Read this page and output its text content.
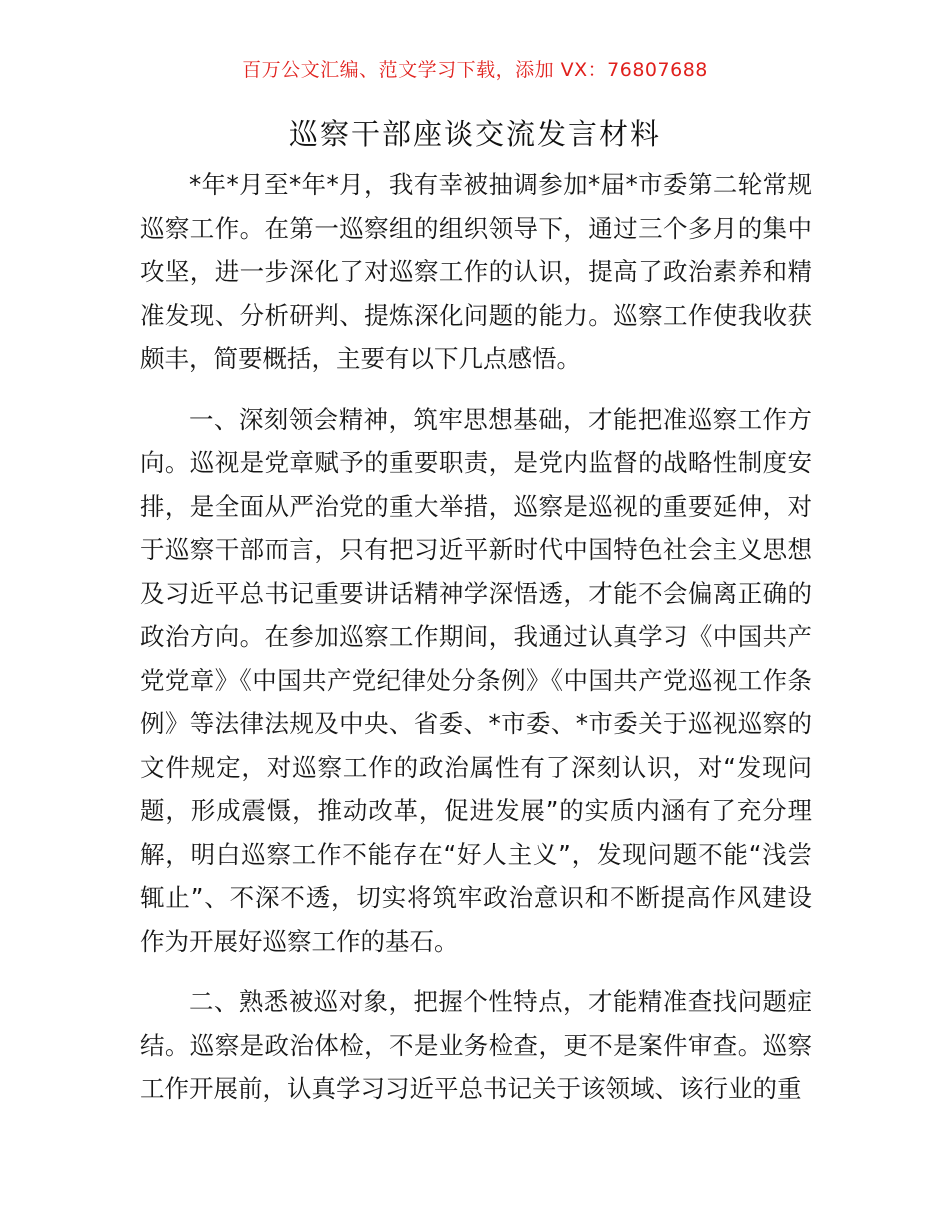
百万公文汇编、范文学习下载，添加 VX：76807688
巡察干部座谈交流发言材料

*年*月至*年*月，我有幸被抽调参加*届*市委第二轮常规巡察工作。在第一巡察组的组织领导下，通过三个多月的集中攻坚，进一步深化了对巡察工作的认识，提高了政治素养和精准发现、分析研判、提炼深化问题的能力。巡察工作使我收获颇丰，简要概括，主要有以下几点感悟。

一、深刻领会精神，筑牢思想基础，才能把准巡察工作方向。巡视是党章赋予的重要职责，是党内监督的战略性制度安排，是全面从严治党的重大举措，巡察是巡视的重要延伸，对于巡察干部而言，只有把习近平新时代中国特色社会主义思想及习近平总书记重要讲话精神学深悟透，才能不会偏离正确的政治方向。在参加巡察工作期间，我通过认真学习《中国共产党党章》《中国共产党纪律处分条例》《中国共产党巡视工作条例》等法律法规及中央、省委、*市委、*市委关于巡视巡察的文件规定，对巡察工作的政治属性有了深刻认识，对“发现问题，形成震慑，推动改革，促进发展”的实质内涵有了充分理解，明白巡察工作不能存在“好人主义”，发现问题不能“浅尝辄止”、不深不透，切实将筑牢政治意识和不断提高作风建设作为开展好巡察工作的基石。

二、熟悉被巡对象，把握个性特点，才能精准查找问题症结。巡察是政治体检，不是业务检查，更不是案件审查。巡察工作开展前，认真学习习近平总书记关于该领域、该行业的重
